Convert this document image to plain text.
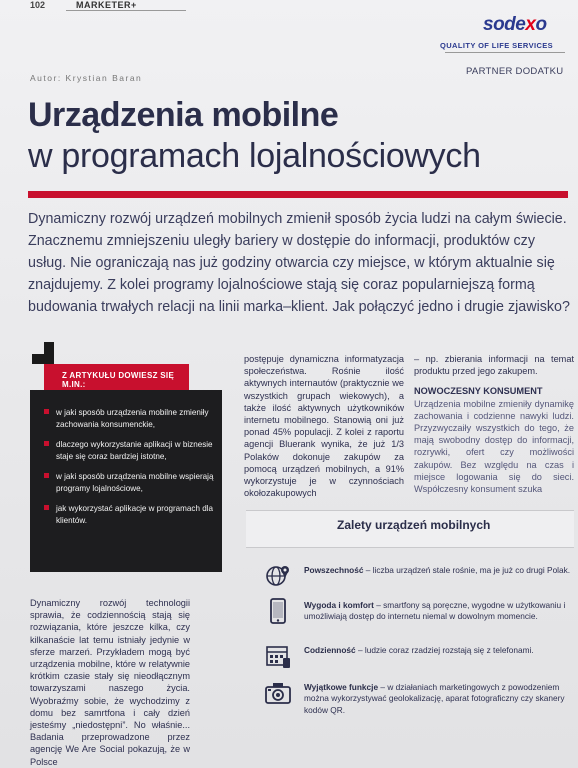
102	MARKETER+
sodexo
QUALITY OF LIFE SERVICES
PARTNER DODATKU
Autor: Krystian Baran
Urządzenia mobilne
w programach lojalnościowych

Dynamiczny rozwój urządzeń mobilnych zmienił sposób życia ludzi na całym świecie. Znacznemu zmniejszeniu uległy bariery w dostępie do informacji, produktów czy usług. Nie ograniczają nas już godziny otwarcia czy miejsce, w którym aktualnie się znajdujemy. Z kolei programy lojalnościowe stają się coraz popularniejszą formą budowania trwałych relacji na linii marka–klient. Jak połączyć jedno i drugie zjawisko?

Z ARTYKUŁU DOWIESZ SIĘ M.IN.:
w jaki sposób urządzenia mobilne zmieniły zachowania konsumenckie,
dlaczego wykorzystanie aplikacji w biznesie staje się coraz bardziej istotne,
w jaki sposób urządzenia mobilne wspierają programy lojalnościowe,
jak wykorzystać aplikacje w programach dla klientów.

Dynamiczny rozwój technologii sprawia, że codziennością stają się rozwiązania, które jeszcze kilka, czy kilkanaście lat temu istniały jedynie w sferze marzeń. Przykładem mogą być urządzenia mobilne, które w relatywnie krótkim czasie stały się nieodłącznym towarzyszami naszego życia. Wyobraźmy sobie, że wychodzimy z domu bez samrtfona i cały dzień jesteśmy „niedostępni”. No właśnie... Badania przeprowadzone przez agencję We Are Social pokazują, że w Polsce

postępuje dynamiczna informatyzacja społeczeństwa. Rośnie ilość aktywnych internautów (praktycznie we wszystkich grupach wiekowych), a także ilość aktywnych użytkowników internetu mobilnego. Stanowią oni już ponad 45% populacji. Z kolei z raportu agencji Bluerank wynika, że już 1/3 Polaków dokonuje zakupów za pomocą urządzeń mobilnych, a 91% wykorzystuje je w czynnościach okołozakupowych

– np. zbierania informacji na temat produktu przed jego zakupem.
NOWOCZESNY KONSUMENT
Urządzenia mobilne zmieniły dynamikę zachowania i codzienne nawyki ludzi. Przyzwyczaiły wszystkich do tego, że mają swobodny dostęp do informacji, rozrywki, ofert czy możliwości zakupów. Bez względu na czas i miejsce logowania się do sieci. Współczesny konsument szuka
Zalety urządzeń mobilnych
Powszechność – liczba urządzeń stale rośnie, ma je już co drugi Polak.
Wygoda i komfort – smartfony są poręczne, wygodne w użytkowaniu i umożliwiają dostęp do internetu niemal w dowolnym momencie.
Codzienność – ludzie coraz rzadziej rozstają się z telefonami.
Wyjątkowe funkcje – w działaniach marketingowych z powodzeniem można wykorzystywać geolokalizację, aparat fotograficzny czy skanery kodów QR.
